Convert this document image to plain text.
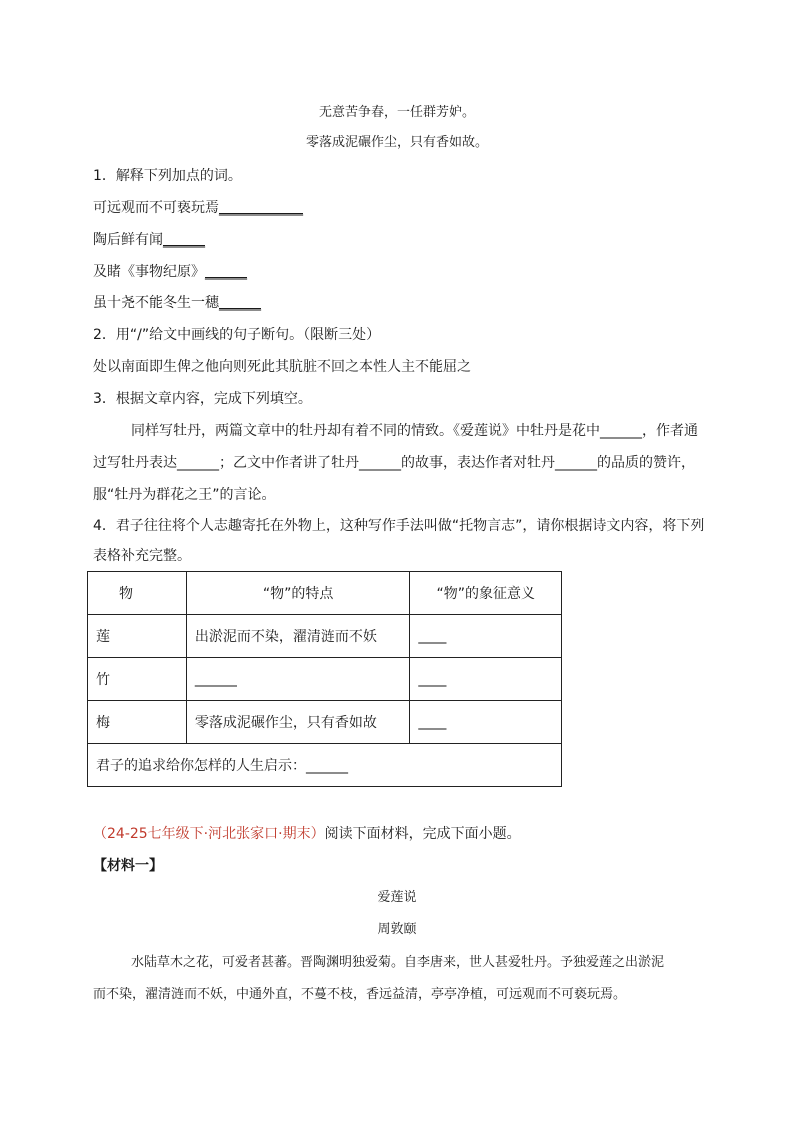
无意苦争春，一任群芳妒。
零落成泥碾作尘，只有香如故。
1．解释下列加点的词。
可远观而不可亵玩焉____________
陶后鲜有闻______
及睹《事物纪原》______
虽十尧不能冬生一穗______
2．用“/”给文中画线的句子断句。（限断三处）
处以南面即生俾之他向则死此其肮脏不回之本性人主不能屈之
3．根据文章内容，完成下列填空。
同样写牡丹，两篇文章中的牡丹却有着不同的情致。《爱莲说》中牡丹是花中______，作者通
过写牡丹表达______；乙文中作者讲了牡丹______的故事，表达作者对牡丹______的品质的赞许，
服“牡丹为群花之王”的言论。
4．君子往往将个人志趣寄托在外物上，这种写作手法叫做“托物言志”，请你根据诗文内容，将下列
表格补充完整。
物	“物”的特点	“物”的象征意义
莲	出淤泥而不染，濯清涟而不妖	____
竹	______	____
梅	零落成泥碾作尘，只有香如故	____
君子的追求给你怎样的人生启示：______		
（24-25七年级下·河北张家口·期末）阅读下面材料，完成下面小题。
【材料一】
爱莲说
周敦颐
水陆草木之花，可爱者甚蕃。晋陶渊明独爱菊。自李唐来，世人甚爱牡丹。予独爱莲之出淤泥
而不染，濯清涟而不妖，中通外直，不蔓不枝，香远益清，亭亭净植，可远观而不可亵玩焉。
